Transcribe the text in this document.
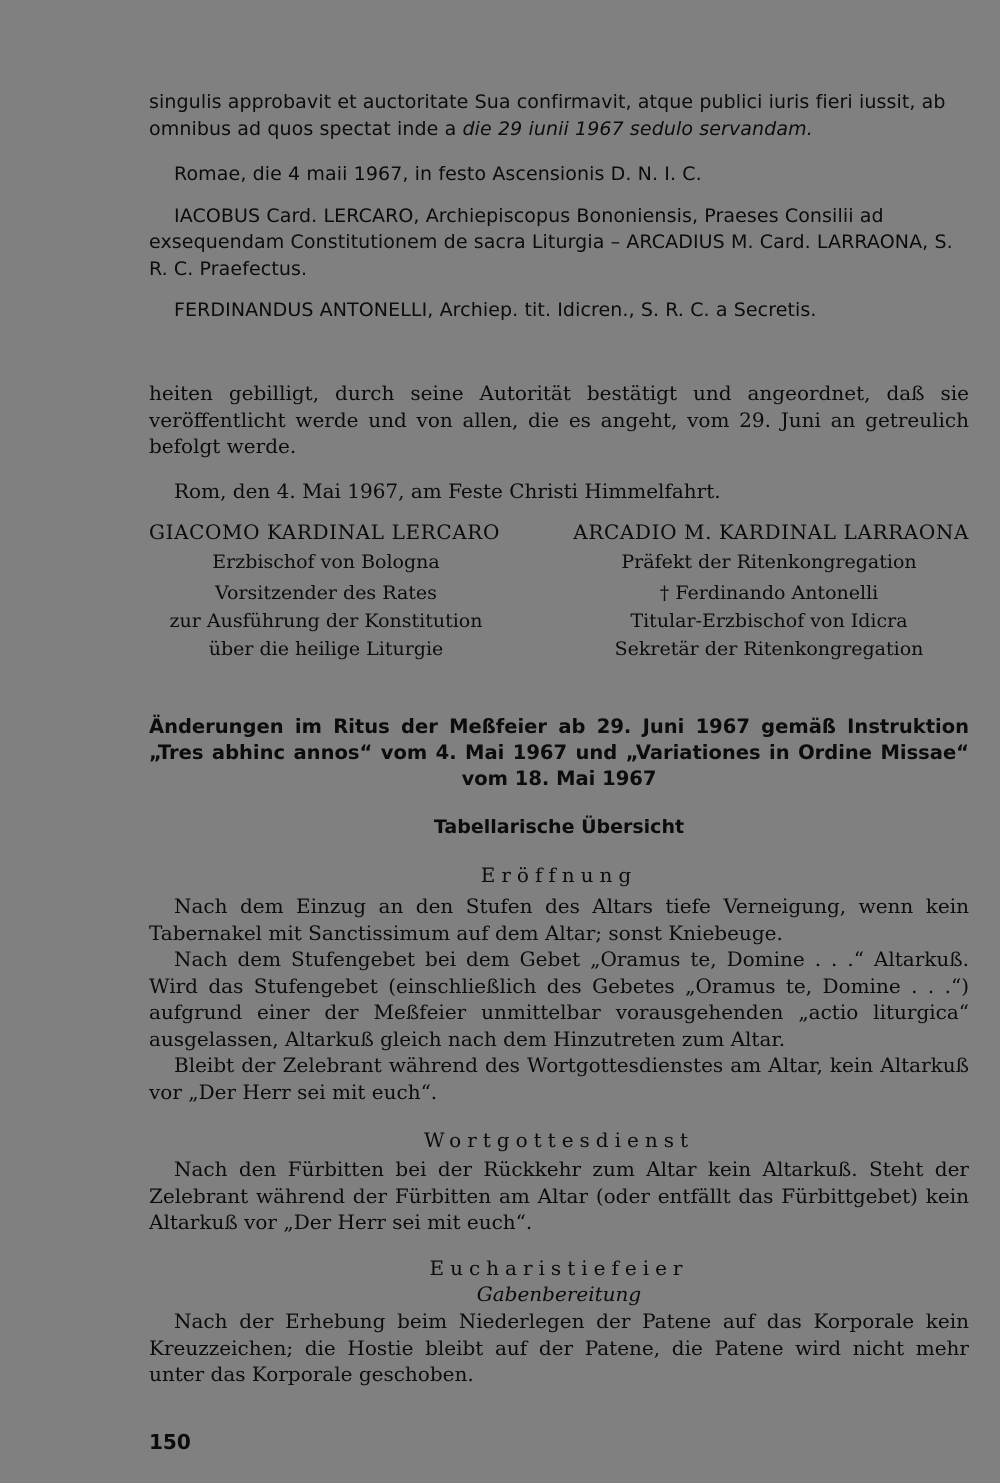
singulis approbavit et auctoritate Sua confirmavit, atque publici iuris fieri iussit, ab omnibus ad quos spectat inde a die 29 iunii 1967 sedulo servandam.

Romae, die 4 maii 1967, in festo Ascensionis D. N. I. C.

IACOBUS Card. LERCARO, Archiepiscopus Bononiensis, Praeses Consilii ad exsequendam Constitutionem de sacra Liturgia – ARCADIUS M. Card. LARRAONA, S. R. C. Praefectus.

FERDINANDUS ANTONELLI, Archiep. tit. Idicren., S. R. C. a Secretis.

heiten gebilligt, durch seine Autorität bestätigt und angeordnet, daß sie veröffentlicht werde und von allen, die es angeht, vom 29. Juni an getreulich befolgt werde.

Rom, den 4. Mai 1967, am Feste Christi Himmelfahrt.

GIACOMO KARDINAL LERCARO	ARCADIO M. KARDINAL LARRAONA
Erzbischof von Bologna
Vorsitzender des Rates
zur Ausführung der Konstitution
über die heilige Liturgie
Präfekt der Ritenkongregation
† Ferdinando Antonelli
Titular-Erzbischof von Idicra
Sekretär der Ritenkongregation

Änderungen im Ritus der Meßfeier ab 29. Juni 1967 gemäß Instruktion „Tres abhinc annos“ vom 4. Mai 1967 und „Variationes in Ordine Missae“ vom 18. Mai 1967

Tabellarische Übersicht

Eröffnung

Nach dem Einzug an den Stufen des Altars tiefe Verneigung, wenn kein Tabernakel mit Sanctissimum auf dem Altar; sonst Kniebeuge.

Nach dem Stufengebet bei dem Gebet „Oramus te, Domine . . .“ Altarkuß. Wird das Stufengebet (einschließlich des Gebetes „Oramus te, Domine . . .“) aufgrund einer der Meßfeier unmittelbar vorausgehenden „actio liturgica“ ausgelassen, Altarkuß gleich nach dem Hinzutreten zum Altar.

Bleibt der Zelebrant während des Wortgottesdienstes am Altar, kein Altarkuß vor „Der Herr sei mit euch“.

Wortgottesdienst

Nach den Fürbitten bei der Rückkehr zum Altar kein Altarkuß. Steht der Zelebrant während der Fürbitten am Altar (oder entfällt das Fürbittgebet) kein Altarkuß vor „Der Herr sei mit euch“.

Eucharistiefeier

Gabenbereitung

Nach der Erhebung beim Niederlegen der Patene auf das Korporale kein Kreuzzeichen; die Hostie bleibt auf der Patene, die Patene wird nicht mehr unter das Korporale geschoben.

150
